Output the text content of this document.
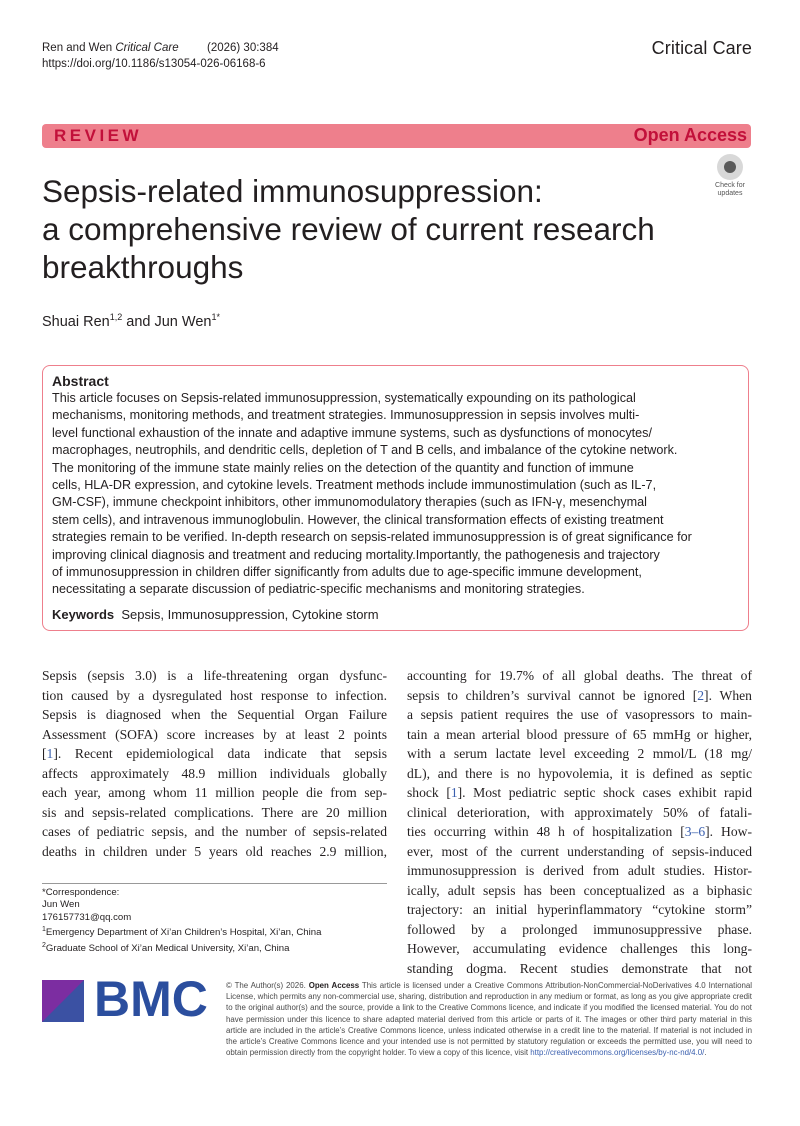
Ren and Wen Critical Care (2026) 30:384
https://doi.org/10.1186/s13054-026-06168-6
Critical Care
REVIEW	Open Access
Check for
updates
Sepsis-related immunosuppression:
a comprehensive review of current research
breakthroughs
Shuai Ren$^{1,2}$ and Jun Wen$^{1*}$
Abstract
This article focuses on Sepsis-related immunosuppression, systematically expounding on its pathological
mechanisms, monitoring methods, and treatment strategies. Immunosuppression in sepsis involves multi-
level functional exhaustion of the innate and adaptive immune systems, such as dysfunctions of monocytes/
macrophages, neutrophils, and dendritic cells, depletion of T and B cells, and imbalance of the cytokine network.
The monitoring of the immune state mainly relies on the detection of the quantity and function of immune
cells, HLA-DR expression, and cytokine levels. Treatment methods include immunostimulation (such as IL-7,
GM-CSF), immune checkpoint inhibitors, other immunomodulatory therapies (such as IFN-γ, mesenchymal
stem cells), and intravenous immunoglobulin. However, the clinical transformation effects of existing treatment
strategies remain to be verified. In-depth research on sepsis-related immunosuppression is of great significance for
improving clinical diagnosis and treatment and reducing mortality.Importantly, the pathogenesis and trajectory
of immunosuppression in children differ significantly from adults due to age-specific immune development,
necessitating a separate discussion of pediatric-specific mechanisms and monitoring strategies.
Keywords Sepsis, Immunosuppression, Cytokine storm
Sepsis (sepsis 3.0) is a life-threatening organ dysfunc-
tion caused by a dysregulated host response to infection.
Sepsis is diagnosed when the Sequential Organ Failure
Assessment (SOFA) score increases by at least 2 points
[1]. Recent epidemiological data indicate that sepsis
affects approximately 48.9 million individuals globally
each year, among whom 11 million people die from sep-
sis and sepsis-related complications. There are 20 million
cases of pediatric sepsis, and the number of sepsis-related
deaths in children under 5 years old reaches 2.9 million,
accounting for 19.7% of all global deaths. The threat of
sepsis to children’s survival cannot be ignored [2]. When
a sepsis patient requires the use of vasopressors to main-
tain a mean arterial blood pressure of 65 mmHg or higher,
with a serum lactate level exceeding 2 mmol/L (18 mg/
dL), and there is no hypovolemia, it is defined as septic
shock [1]. Most pediatric septic shock cases exhibit rapid
clinical deterioration, with approximately 50% of fatali-
ties occurring within 48 h of hospitalization [3–6]. How-
ever, most of the current understanding of sepsis-induced
immunosuppression is derived from adult studies. Histor-
ically, adult sepsis has been conceptualized as a biphasic
trajectory: an initial hyperinflammatory “cytokine storm”
followed by a prolonged immunosuppressive phase.
However, accumulating evidence challenges this long-
standing dogma. Recent studies demonstrate that not
*Correspondence:
Jun Wen
176157731@qq.com
$^1$Emergency Department of Xi’an Children’s Hospital, Xi’an, China
$^2$Graduate School of Xi’an Medical University, Xi’an, China
BMC © The Author(s) 2026. Open Access This article is licensed under a Creative Commons Attribution-NonCommercial-NoDerivatives 4.0 International License, which permits any non-commercial use, sharing, distribution and reproduction in any medium or format, as long as you give appropriate credit to the original author(s) and the source, provide a link to the Creative Commons licence, and indicate if you modified the licensed material. You do not have permission under this licence to share adapted material derived from this article or parts of it. The images or other third party material in this article are included in the article’s Creative Commons licence, unless indicated otherwise in a credit line to the material. If material is not included in the article’s Creative Commons licence and your intended use is not permitted by statutory regulation or exceeds the permitted use, you will need to obtain permission directly from the copyright holder. To view a copy of this licence, visit http://creativecommons.org/licenses/by-nc-nd/4.0/.
